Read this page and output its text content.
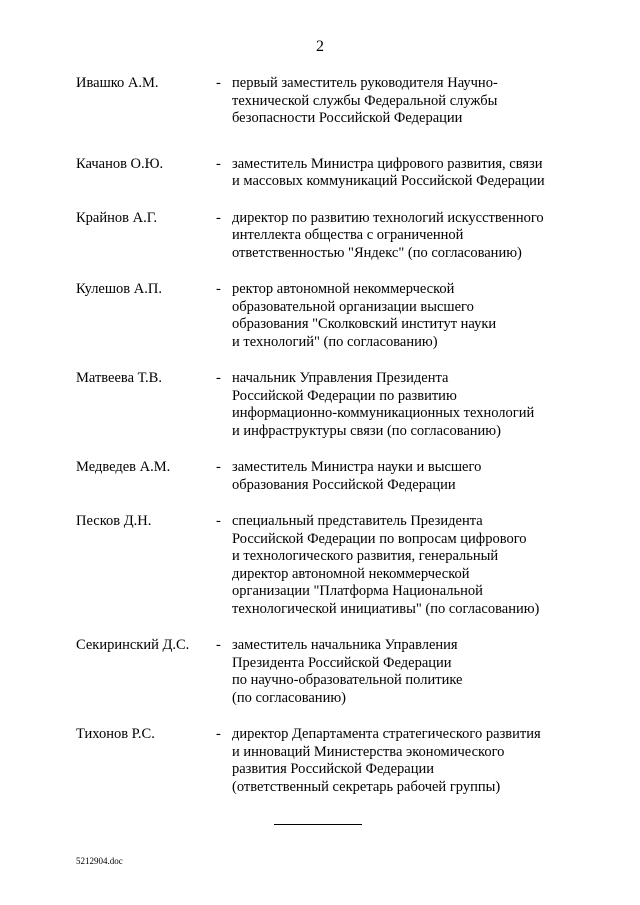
2
Ивашко А.М.	- первый заместитель руководителя Научно-
технической службы Федеральной службы
безопасности Российской Федерации
Качанов О.Ю.	- заместитель Министра цифрового развития, связи
и массовых коммуникаций Российской Федерации
Крайнов А.Г.	- директор по развитию технологий искусственного
интеллекта общества с ограниченной
ответственностью "Яндекс" (по согласованию)
Кулешов А.П.	- ректор автономной некоммерческой
образовательной организации высшего
образования "Сколковский институт науки
и технологий" (по согласованию)
Матвеева Т.В.	- начальник Управления Президента
Российской Федерации по развитию
информационно-коммуникационных технологий
и инфраструктуры связи (по согласованию)
Медведев А.М.	- заместитель Министра науки и высшего
образования Российской Федерации
Песков Д.Н.	- специальный представитель Президента
Российской Федерации по вопросам цифрового
и технологического развития, генеральный
директор автономной некоммерческой
организации "Платформа Национальной
технологической инициативы" (по согласованию)
Секиринский Д.С.	- заместитель начальника Управления
Президента Российской Федерации
по научно-образовательной политике
(по согласованию)
Тихонов Р.С.	- директор Департамента стратегического развития
и инноваций Министерства экономического
развития Российской Федерации
(ответственный секретарь рабочей группы)
5212904.doc
